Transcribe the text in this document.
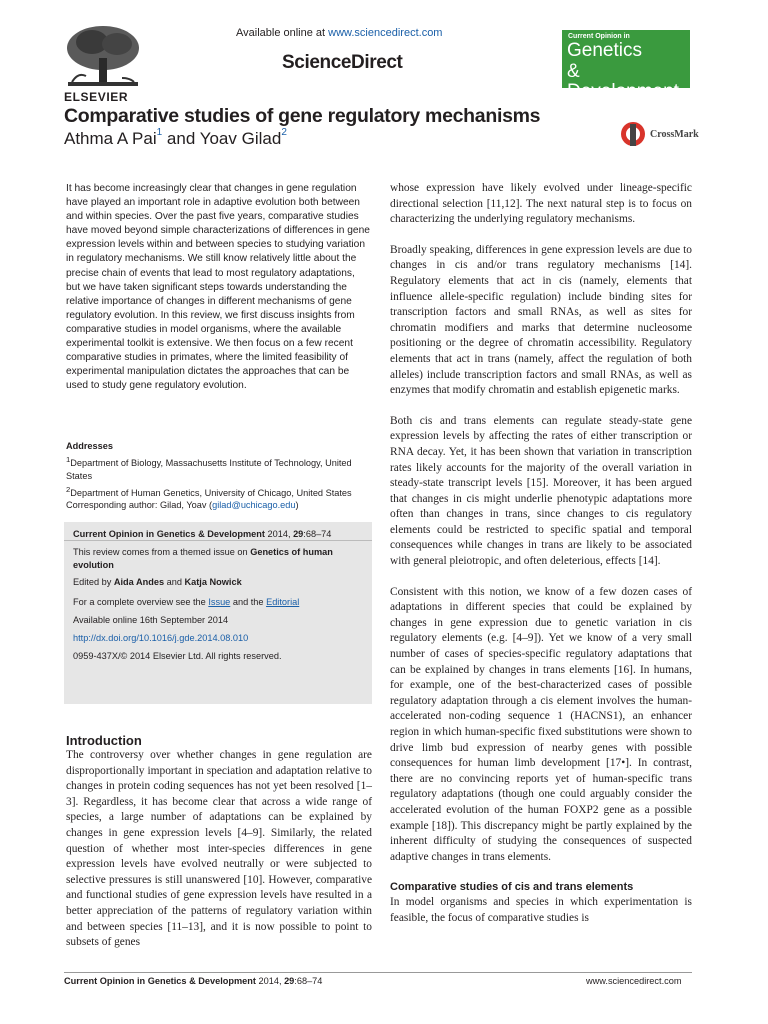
ELSEVIER
Available online at www.sciencedirect.com
ScienceDirect
Current Opinion in
Genetics
& Development
Comparative studies of gene regulatory mechanisms
Athma A Pai$^1$ and Yoav Gilad$^2$	CrossMark
It has become increasingly clear that changes in gene regulation have played an important role in adaptive evolution both between and within species. Over the past five years, comparative studies have moved beyond simple characterizations of differences in gene expression levels within and between species to studying variation in regulatory mechanisms. We still know relatively little about the precise chain of events that lead to most regulatory adaptations, but we have taken significant steps towards understanding the relative importance of changes in different mechanisms of gene regulatory evolution. In this review, we first discuss insights from comparative studies in model organisms, where the available experimental toolkit is extensive. We then focus on a few recent comparative studies in primates, where the limited feasibility of experimental manipulation dictates the approaches that can be used to study gene regulatory evolution.
Addresses
$^1$Department of Biology, Massachusetts Institute of Technology, United States
$^2$Department of Human Genetics, University of Chicago, United States
Corresponding author: Gilad, Yoav (gilad@uchicago.edu)
Current Opinion in Genetics & Development 2014, 29:68–74
This review comes from a themed issue on Genetics of human
evolution
Edited by Aida Andes and Katja Nowick
For a complete overview see the Issue and the Editorial
Available online 16th September 2014
http://dx.doi.org/10.1016/j.gde.2014.08.010
0959-437X/© 2014 Elsevier Ltd. All rights reserved.
Introduction
The controversy over whether changes in gene regulation are disproportionally important in speciation and adaptation relative to changes in protein coding sequences has not yet been resolved [1–3]. Regardless, it has become clear that across a wide range of species, a large number of adaptations can be explained by changes in gene expression levels [4–9]. Similarly, the related question of whether most inter-species differences in gene expression levels have evolved neutrally or were subjected to selective pressures is still unanswered [10]. However, comparative and functional studies of gene expression levels have resulted in a better appreciation of the patterns of regulatory variation within and between species [11–13], and it is now possible to point to subsets of genes

whose expression have likely evolved under lineage-specific directional selection [11,12]. The next natural step is to focus on characterizing the underlying regulatory mechanisms.

Broadly speaking, differences in gene expression levels are due to changes in cis and/or trans regulatory mechanisms [14]. Regulatory elements that act in cis (namely, elements that influence allele-specific regulation) include binding sites for transcription factors and small RNAs, as well as sites for chromatin modifiers and marks that determine nucleosome positioning or the degree of chromatin accessibility. Regulatory elements that act in trans (namely, affect the regulation of both alleles) include transcription factors and small RNAs, as well as enzymes that modify chromatin and establish epigenetic marks.

Both cis and trans elements can regulate steady-state gene expression levels by affecting the rates of either transcription or RNA decay. Yet, it has been shown that variation in transcription rates likely accounts for the majority of the overall variation in steady-state transcript levels [15]. Moreover, it has been argued that changes in cis might underlie phenotypic adaptations more often than changes in trans, since changes to cis regulatory elements could be restricted to specific spatial and temporal consequences while changes in trans are likely to be associated with general pleiotropic, and often deleterious, effects [14].

Consistent with this notion, we know of a few dozen cases of adaptations in different species that could be explained by changes in gene expression due to genetic variation in cis regulatory elements (e.g. [4–9]). Yet we know of a very small number of cases of species-specific regulatory adaptations that can be explained by changes in trans elements [16]. In humans, for example, one of the best-characterized cases of possible regulatory adaptation through a cis element involves the human-accelerated non-coding sequence 1 (HACNS1), an enhancer region in which human-specific fixed substitutions were shown to drive limb bud expression of nearby genes with possible consequences for human limb development [17•]. In contrast, there are no convincing reports yet of human-specific trans regulatory adaptations (though one could arguably consider the accelerated evolution of the human FOXP2 gene as a possible example [18]). This discrepancy might be partly explained by the inherent difficulty of studying the consequences of suspected adaptive changes in trans elements.

Comparative studies of cis and trans elements

In model organisms and species in which experimentation is feasible, the focus of comparative studies is

Current Opinion in Genetics & Development 2014, 29:68–74	www.sciencedirect.com
